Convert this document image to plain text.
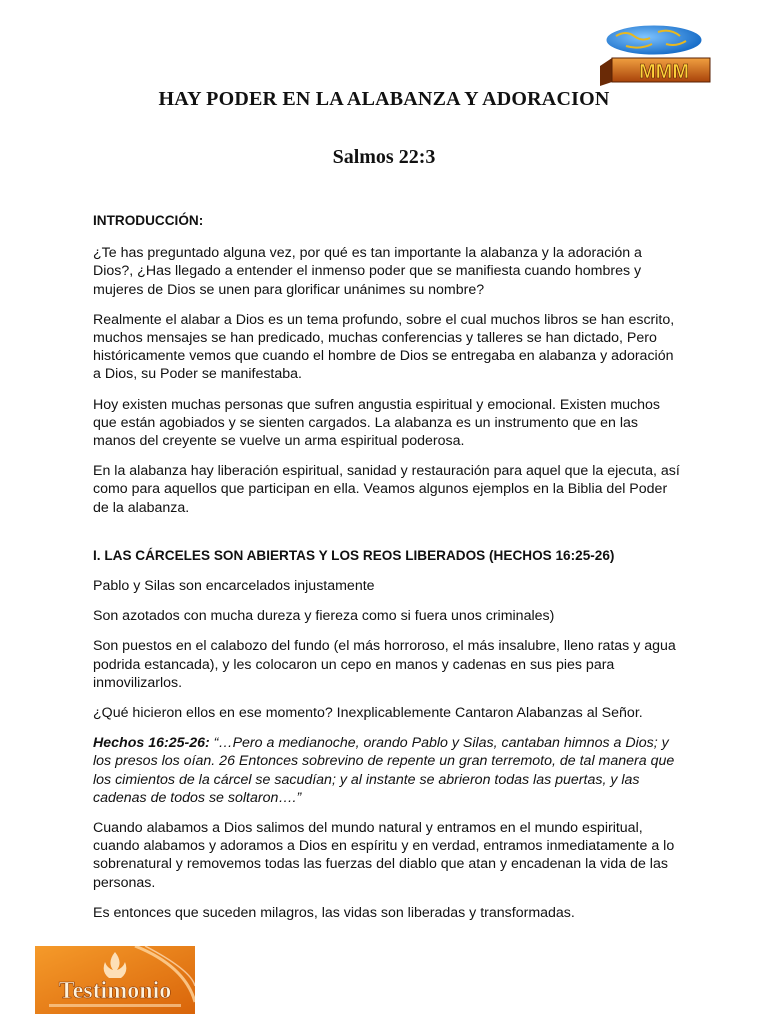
MMM
HAY PODER EN LA ALABANZA Y ADORACION
Salmos 22:3

INTRODUCCIÓN:

¿Te has preguntado alguna vez, por qué es tan importante la alabanza y la adoración a Dios?, ¿Has llegado a entender el inmenso poder que se manifiesta cuando hombres y mujeres de Dios se unen para glorificar unánimes su nombre?

Realmente el alabar a Dios es un tema profundo, sobre el cual muchos libros se han escrito, muchos mensajes se han predicado, muchas conferencias y talleres se han dictado, Pero históricamente vemos que cuando el hombre de Dios se entregaba en alabanza y adoración a Dios, su Poder se manifestaba.

Hoy existen muchas personas que sufren angustia espiritual y emocional. Existen muchos que están agobiados y se sienten cargados. La alabanza es un instrumento que en las manos del creyente se vuelve un arma espiritual poderosa.

En la alabanza hay liberación espiritual, sanidad y restauración para aquel que la ejecuta, así como para aquellos que participan en ella. Veamos algunos ejemplos en la Biblia del Poder de la alabanza.

I. LAS CÁRCELES SON ABIERTAS Y LOS REOS LIBERADOS (HECHOS 16:25-26)

Pablo y Silas son encarcelados injustamente

Son azotados con mucha dureza y fiereza como si fuera unos criminales)

Son puestos en el calabozo del fundo (el más horroroso, el más insalubre, lleno ratas y agua podrida estancada), y les colocaron un cepo en manos y cadenas en sus pies para inmovilizarlos.

¿Qué hicieron ellos en ese momento? Inexplicablemente Cantaron Alabanzas al Señor.

Hechos 16:25-26: “…Pero a medianoche, orando Pablo y Silas, cantaban himnos a Dios; y los presos los oían. 26 Entonces sobrevino de repente un gran terremoto, de tal manera que los cimientos de la cárcel se sacudían; y al instante se abrieron todas las puertas, y las cadenas de todos se soltaron….”

Cuando alabamos a Dios salimos del mundo natural y entramos en el mundo espiritual, cuando alabamos y adoramos a Dios en espíritu y en verdad, entramos inmediatamente a lo sobrenatural y removemos todas las fuerzas del diablo que atan y encadenan la vida de las personas.

Es entonces que suceden milagros, las vidas son liberadas y transformadas.

Testimonio
